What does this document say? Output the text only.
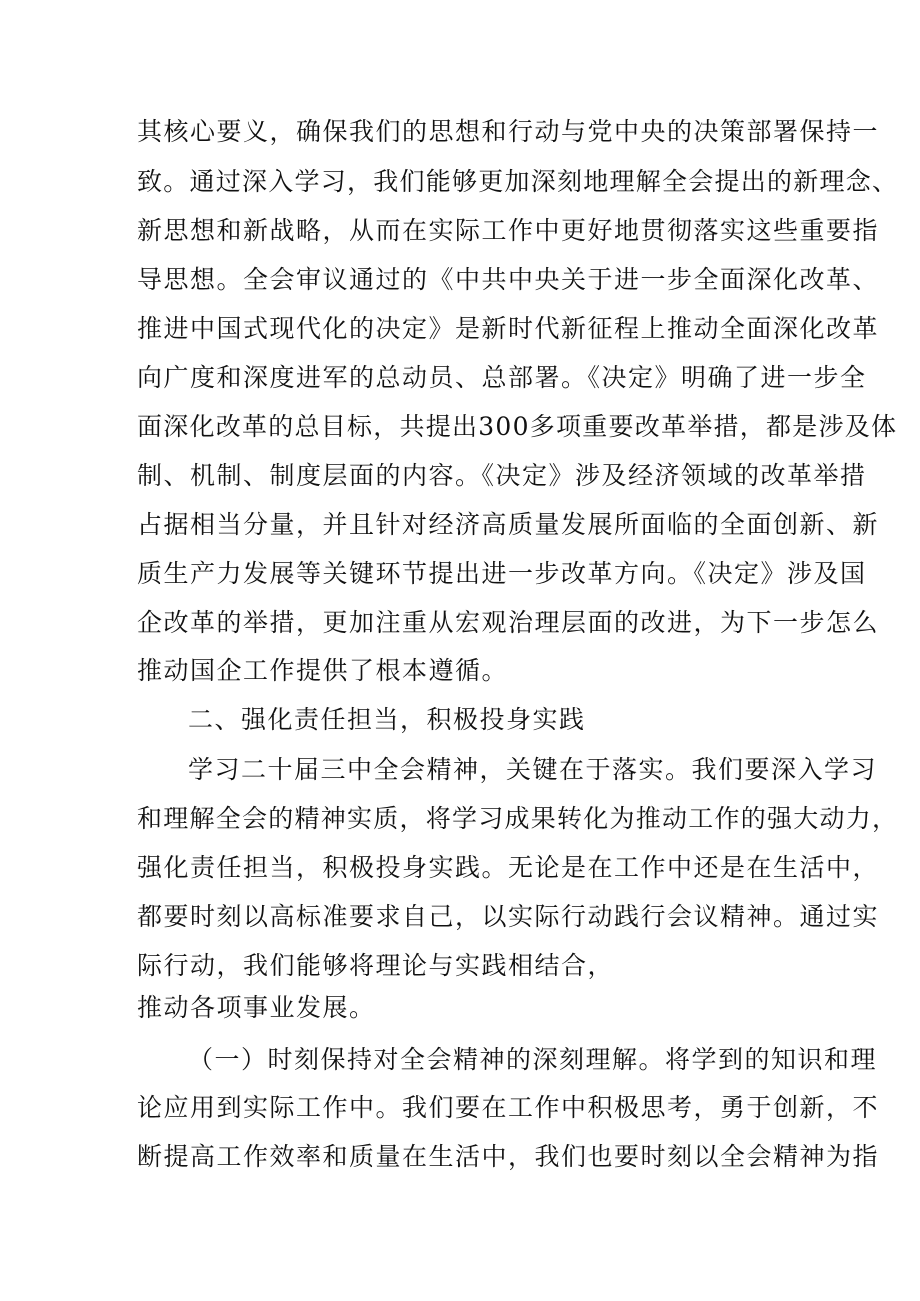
其核心要义，确保我们的思想和行动与党中央的决策部署保持一
致。通过深入学习，我们能够更加深刻地理解全会提出的新理念、
新思想和新战略，从而在实际工作中更好地贯彻落实这些重要指
导思想。全会审议通过的《中共中央关于进一步全面深化改革、
推进中国式现代化的决定》是新时代新征程上推动全面深化改革
向广度和深度进军的总动员、总部署。《决定》明确了进一步全
面深化改革的总目标，共提出300多项重要改革举措，都是涉及体
制、机制、制度层面的内容。《决定》涉及经济领域的改革举措
占据相当分量，并且针对经济高质量发展所面临的全面创新、新
质生产力发展等关键环节提出进一步改革方向。《决定》涉及国
企改革的举措，更加注重从宏观治理层面的改进，为下一步怎么
推动国企工作提供了根本遵循。
二、强化责任担当，积极投身实践
学习二十届三中全会精神，关键在于落实。我们要深入学习
和理解全会的精神实质，将学习成果转化为推动工作的强大动力，
强化责任担当，积极投身实践。无论是在工作中还是在生活中，
都要时刻以高标准要求自己，以实际行动践行会议精神。通过实
际行动，我们能够将理论与实践相结合，
推动各项事业发展。
（一）时刻保持对全会精神的深刻理解。将学到的知识和理
论应用到实际工作中。我们要在工作中积极思考，勇于创新，不
断提高工作效率和质量在生活中，我们也要时刻以全会精神为指
